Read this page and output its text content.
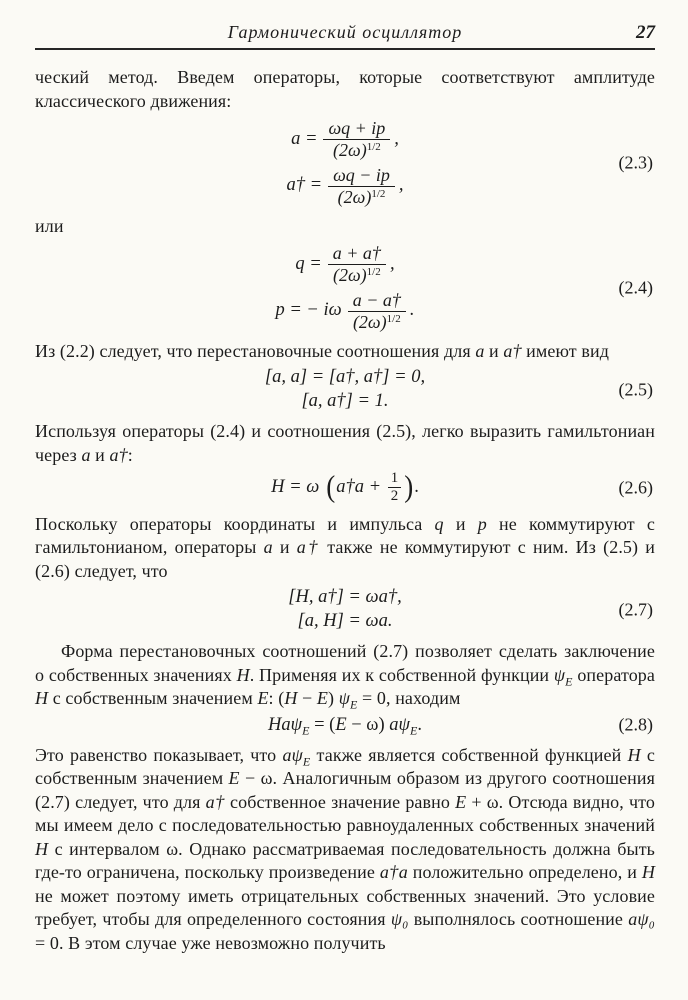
Гармонический осциллятор	27

ческий метод. Введем операторы, которые соответствуют амплитуде классического движения:

$a = \frac{\omega q + ip}{(2\omega)^{1/2}}$ ,
a† = $\frac{\omega q - ip}{(2\omega)^{1/2}}$ ,
(2.3)

или

$q = \frac{a + a\dagger}{(2\omega)^{1/2}}$ ,
p = − iω $\frac{a - a\dagger}{(2\omega)^{1/2}}$ .
(2.4)

Из (2.2) следует, что перестановочные соотношения для a и a† имеют вид

[a, a] = [a†, a†] = 0,
[a, a†] = 1.
(2.5)

Используя операторы (2.4) и соотношения (2.5), легко выразить гамильтониан через a и a†:

H = ω (a†a + $\frac{1}{2}$ ).	(2.6)

Поскольку операторы координаты и импульса q и p не коммутируют с гамильтонианом, операторы a и a† также не коммутируют с ним. Из (2.5) и (2.6) следует, что

[H, a†] = ωa†,
[a, H] = ωa.
(2.7)

Форма перестановочных соотношений (2.7) позволяет сделать заключение о собственных значениях H. Применяя их к собственной функции $\psi_E$ оператора H с собственным значением E: (H − E) $\psi_E = 0$, находим

Haψ$_E$ = (E − ω) $a\psi_E$.	(2.8)

Это равенство показывает, что $a\psi_E$ также является собственной функцией H с собственным значением E − ω. Аналогичным образом из другого соотношения (2.7) следует, что для a† собственное значение равно E + ω. Отсюда видно, что мы имеем дело с последовательностью равноудаленных собственных значений H с интервалом ω. Однако рассматриваемая последовательность должна быть где-то ограничена, поскольку произведение a†a положительно определено, и H не может поэтому иметь отрицательных собственных значений. Это условие требует, чтобы для определенного состояния ψ₀ выполнялось соотношение aψ₀ = 0. В этом случае уже невозможно получить
